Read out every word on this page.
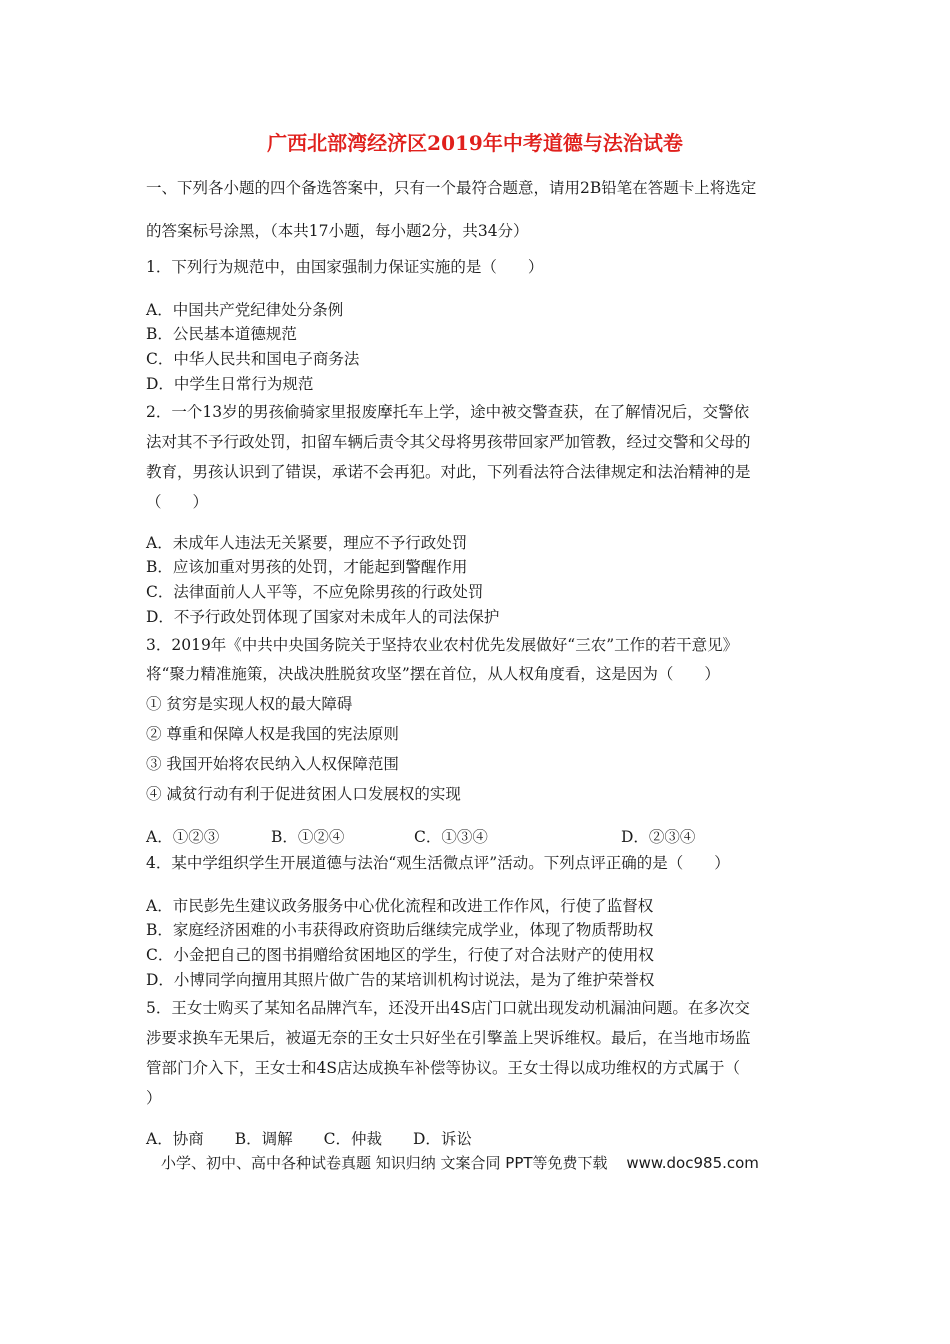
广西北部湾经济区2019年中考道德与法治试卷
一、下列各小题的四个备选答案中，只有一个最符合题意，请用2B铅笔在答题卡上将选定
的答案标号涂黑，（本共17小题，每小题2分，共34分）
1．下列行为规范中，由国家强制力保证实施的是（　　）
A．中国共产党纪律处分条例
B．公民基本道德规范
C．中华人民共和国电子商务法
D．中学生日常行为规范
2．一个13岁的男孩偷骑家里报废摩托车上学，途中被交警查获，在了解情况后，交警依
法对其不予行政处罚，扣留车辆后责令其父母将男孩带回家严加管教，经过交警和父母的
教育，男孩认识到了错误，承诺不会再犯。对此，下列看法符合法律规定和法治精神的是
（　　）
A．未成年人违法无关紧要，理应不予行政处罚
B．应该加重对男孩的处罚，才能起到警醒作用
C．法律面前人人平等，不应免除男孩的行政处罚
D．不予行政处罚体现了国家对未成年人的司法保护
3．2019年《中共中央国务院关于坚持农业农村优先发展做好“三农”工作的若干意见》
将“聚力精准施策，决战决胜脱贫攻坚”摆在首位，从人权角度看，这是因为（　　）
① 贫穷是实现人权的最大障碍
② 尊重和保障人权是我国的宪法原则
③ 我国开始将农民纳入人权保障范围
④ 减贫行动有利于促进贫困人口发展权的实现
A．①②③	B．①②④	C．①③④	D．②③④
4．某中学组织学生开展道德与法治“观生活微点评”活动。下列点评正确的是（　　）
A．市民彭先生建议政务服务中心优化流程和改进工作作风，行使了监督权
B．家庭经济困难的小韦获得政府资助后继续完成学业，体现了物质帮助权
C．小金把自己的图书捐赠给贫困地区的学生，行使了对合法财产的使用权
D．小博同学向擅用其照片做广告的某培训机构讨说法，是为了维护荣誉权
5．王女士购买了某知名品牌汽车，还没开出4S店门口就出现发动机漏油问题。在多次交
涉要求换车无果后，被逼无奈的王女士只好坐在引擎盖上哭诉维权。最后，在当地市场监
管部门介入下，王女士和4S店达成换车补偿等协议。王女士得以成功维权的方式属于（
）
A．协商　　B．调解　　C．仲裁　　D．诉讼
小学、初中、高中各种试卷真题 知识归纳 文案合同 PPT等免费下载 www.doc985.com
